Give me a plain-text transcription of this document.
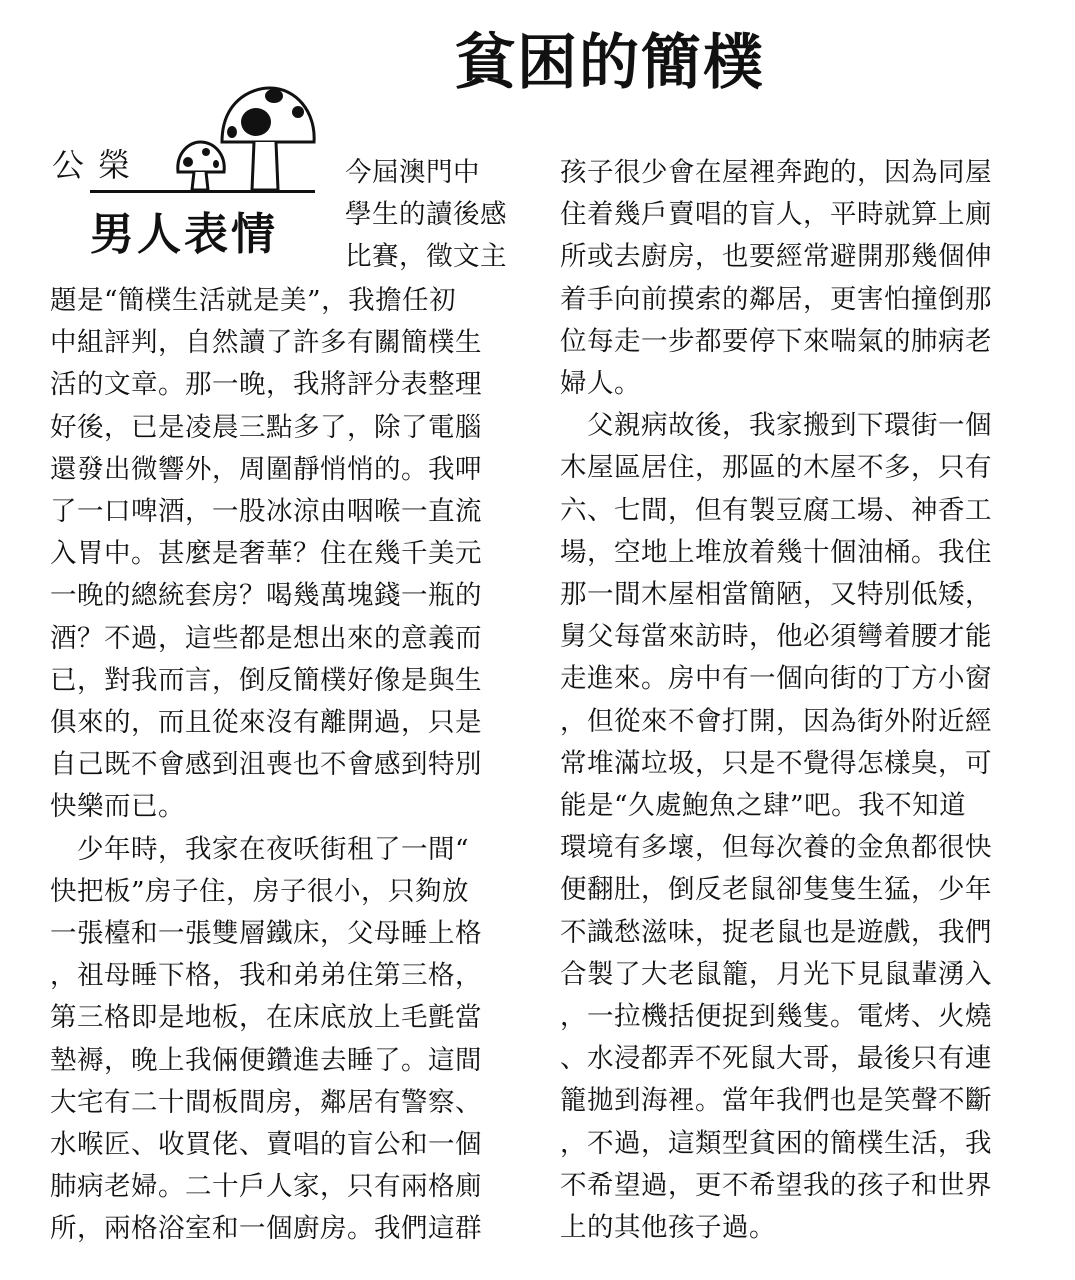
貧困的簡樸
公榮
男人表情

今屆澳門中
學生的讀後感
比賽，徵文主

題是“簡樸生活就是美”，我擔任初
中組評判，自然讀了許多有關簡樸生
活的文章。那一晚，我將評分表整理
好後，已是凌晨三點多了，除了電腦
還發出微響外，周圍靜悄悄的。我呷
了一口啤酒，一股冰涼由咽喉一直流
入胃中。甚麼是奢華？住在幾千美元
一晚的總統套房？喝幾萬塊錢一瓶的
酒？不過，這些都是想出來的意義而
已，對我而言，倒反簡樸好像是與生
俱來的，而且從來沒有離開過，只是
自己既不會感到沮喪也不會感到特別
快樂而已。
　少年時，我家在夜㕭街租了一間“
快把板”房子住，房子很小，只夠放
一張檯和一張雙層鐵床，父母睡上格
，祖母睡下格，我和弟弟住第三格，
第三格即是地板，在床底放上毛氈當
墊褥，晚上我倆便鑽進去睡了。這間
大宅有二十間板間房，鄰居有警察、
水喉匠、收買佬、賣唱的盲公和一個
肺病老婦。二十戶人家，只有兩格廁
所，兩格浴室和一個廚房。我們這群

孩子很少會在屋裡奔跑的，因為同屋
住着幾戶賣唱的盲人，平時就算上廁
所或去廚房，也要經常避開那幾個伸
着手向前摸索的鄰居，更害怕撞倒那
位每走一步都要停下來喘氣的肺病老
婦人。
　父親病故後，我家搬到下環街一個
木屋區居住，那區的木屋不多，只有
六、七間，但有製豆腐工場、神香工
場，空地上堆放着幾十個油桶。我住
那一間木屋相當簡陋，又特別低矮，
舅父每當來訪時，他必須彎着腰才能
走進來。房中有一個向街的丁方小窗
，但從來不會打開，因為街外附近經
常堆滿垃圾，只是不覺得怎樣臭，可
能是“久處鮑魚之肆”吧。我不知道
環境有多壞，但每次養的金魚都很快
便翻肚，倒反老鼠卻隻隻生猛，少年
不識愁滋味，捉老鼠也是遊戲，我們
合製了大老鼠籠，月光下見鼠輩湧入
，一拉機括便捉到幾隻。電烤、火燒
、水浸都弄不死鼠大哥，最後只有連
籠拋到海裡。當年我們也是笑聲不斷
，不過，這類型貧困的簡樸生活，我
不希望過，更不希望我的孩子和世界
上的其他孩子過。
